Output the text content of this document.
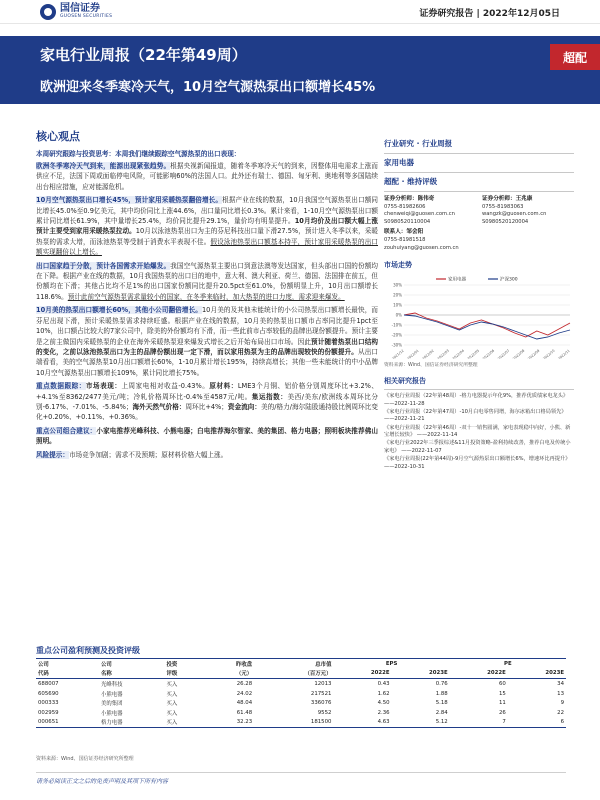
国信证券
GUOSEN SECURITIES	证券研究报告 | 2022年12月05日
家电行业周报（22年第49周）
欧洲迎来冬季寒冷天气，10月空气源热泵出口额增长45%
超配
核心观点
本周研究跟踪与投资思考：本周我们继续跟踪空气源热泵的出口表现：
欧洲冬季寒冷天气到来，能源出现紧张趋势。根据央视新闻报道，随着冬季寒冷天气的到来，因整体用电需求上涨而供应不足，法国下周或面临停电风险，可能影响60%的法国人口。此外还有瑞士、德国、匈牙利、奥地利等多国陆续出台相应措施，应对能源危机。
10月空气源热泵出口增长45%，预计家用采暖热泵翻倍增长。根据产业在线的数据，10月我国空气源热泵出口额同比增长45.0%至0.9亿美元，其中均价同比上涨44.6%，出口量同比增长0.3%。累计来看，1-10月空气源热泵出口额累计同比增长61.9%，其中量增长25.4%，均价同比提升29.1%，量价均有明显提升。10月均价及出口额大幅上涨预计主要受到家用采暖热泵拉动。10月以泳池热泵出口为主的芬尼科技出口量下滑27.5%，预计进入冬季以来，采暖热泵的需求大增，而泳池热泵等受制于消费水平表现不佳。假设泳池热泵出口额基本持平，预计家用采暖热泵的出口额实现翻倍以上增长。
出口国家趋于分散，预计各国需求开始爆发。我国空气源热泵主要出口到意法澳等发达国家，但头部出口国的份额均在下降。根据产业在线的数据，10月我国热泵的出口目的地中，意大利、澳大利亚、荷兰、德国、法国排在前五，但份额均在下滑；其他占比均不足1%的出口国家份额同比提升20.5pct至61.0%，份额明显上升，10月出口额增长118.6%。预计此前空气源热泵需求量较小的国家，在冬季来临时，加大热泵的进口力度，需求迎来爆发。
10月美的热泵出口额增长60%，其他小公司翻倍增长。10月美的及其他未能统计的小公司热泵出口额增长最快，而芬尼出现下滑，预计采暖热泵需求持续旺盛。根据产业在线的数据，10月美的热泵出口额市占率同比提升1pct至10%，出口额占比较大的7家公司中，除美的外份额均有下滑，而一些此前市占率较低的品牌出现份额提升。预计主要是之前主做国内采暖热泵的企业在海外采暖热泵迎来爆发式增长之后开始布局出口市场。因此预计随着热泵出口结构的变化，之前以泳池热泵出口为主的品牌份额出现一定下滑，而以家用热泵为主的品牌出现较快的份额提升。从出口端看看，美的空气源热泵10月出口额增长60%，1-10月累计增长195%，持续高增长；其他一些未能统计的中小品牌10月空气源热泵出口额增长109%，累计同比增长75%。
重点数据跟踪：市场表现：上周家电相对收益-0.43%。原材料：LME3个月铜、铝价格分别周度环比+3.2%、+4.1%至8362/2477美元/吨；冷轧价格周环比-0.4%至4587元/吨。集运指数：美西/美东/欧洲线本周环比分别-6.17%、-7.01%、-5.84%；海外天然气价格：周环比+4%；资金流向：美的/格力/海尔陆股通持股比例周环比变化+0.20%、+0.11%、+0.36%。
重点公司组合建议：小家电推荐光峰科技、小熊电器；白电推荐海尔智家、美的集团、格力电器；照明板块推荐佛山照明。
风险提示：市场竞争加剧；需求不及预期；原材料价格大幅上涨。
行业研究 · 行业周报
家用电器
超配 · 维持评级
证券分析师：陈伟奇
0755-81982606
chenweiqi@guosen.com.cn
S0980520110004
证券分析师：王兆康
0755-81983063
wangzk@guosen.com.cn
S0980520120004
联系人：邹会阳
0755-81981518
zouhuiyang@guosen.com.cn
市场走势
30%
20%
10%
0%
-10%
-20%
-30%
2021/12 2022/01 2022/02 2022/03 2022/04 2022/05 2022/06 2022/07 2022/08 2022/09 2022/10 2022/11
家用电器	沪深300
资料来源：Wind、国信证券经济研究所整理
相关研究报告
《家电行业周报（22年第48周）-格力电器提示年化9%，推荐优质绩家电龙头》 ——2022-11-28
《家电行业周报（22年第47周）-10月白电零售同增，海尔冰箱出口格局领先》 ——2022-11-21
《家电行业周报（22年第46周）-双十一销售圆满，家电表现稳中向好，小熊、新宝增长较快》 ——2022-11-14
《家电行业2022年三季报综述&11月投资策略-盈利持续改善，推荐白电及传统小家电》 ——2022-11-07
《家电行业周报(22年第44周)-9月空气源热泵出口额增长6%，增速环比再提升》 ——2022-10-31
重点公司盈利预测及投资评级
公司	公司	投资	昨收盘	总市值	EPS		PE	
代码	名称	评级	（元）	（百万元）	2022E	2023E	2022E	2023E
688007	光峰科技	买入	26.28	12013	0.43	0.76	60	34
605690	小熊电器	买入	24.02	217521	1.62	1.88	15	13
000333	美的集团	买入	48.04	336076	4.50	5.18	11	9
002959	小熊电器	买入	61.48	9552	2.36	2.84	26	22
000651	格力电器	买入	32.23	181500	4.63	5.12	7	6
资料来源：Wind、国信证券经济研究所整理
请务必阅读正文之后的免责声明及其项下所有内容
